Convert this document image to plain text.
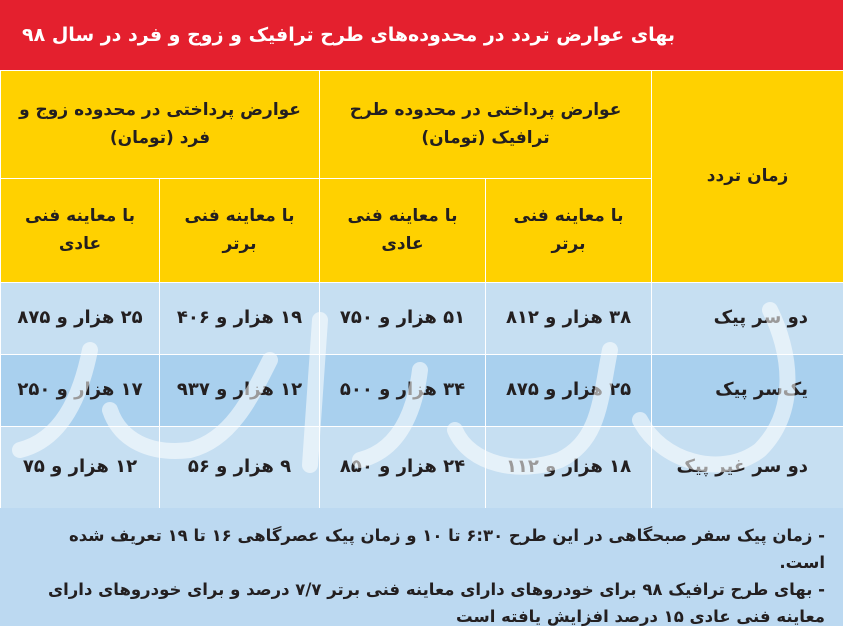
بهای عوارض تردد در محدوده‌های طرح ترافیک و زوج و فرد در سال ۹۸
زمان تردد	عوارض پرداختی در محدوده طرح ترافیک (تومان)		عوارض پرداختی در محدوده زوج و فرد (تومان)	
	با معاینه فنی برتر	با معاینه فنی عادی	با معاینه فنی برتر	با معاینه فنی عادی
دو سر پیک	۳۸ هزار و ۸۱۲	۵۱ هزار و ۷۵۰	۱۹ هزار و ۴۰۶	۲۵ هزار و ۸۷۵
یک‌سر پیک	۲۵ هزار و ۸۷۵	۳۴ هزار و ۵۰۰	۱۲ هزار و ۹۳۷	۱۷ هزار و ۲۵۰
دو سر غیر پیک	۱۸ هزار و ۱۱۲	۲۴ هزار و ۸۵۰	۹ هزار و ۵۶	۱۲ هزار و ۷۵

- زمان پیک سفر صبحگاهی در این طرح ۶:۳۰ تا ۱۰ و زمان پیک عصرگاهی ۱۶ تا ۱۹ تعریف شده است.

- بهای طرح ترافیک ۹۸ برای خودروهای دارای معاینه فنی برتر ۷/۷ درصد و برای خودروهای دارای معاینه فنی عادی ۱۵ درصد افزایش یافته است
